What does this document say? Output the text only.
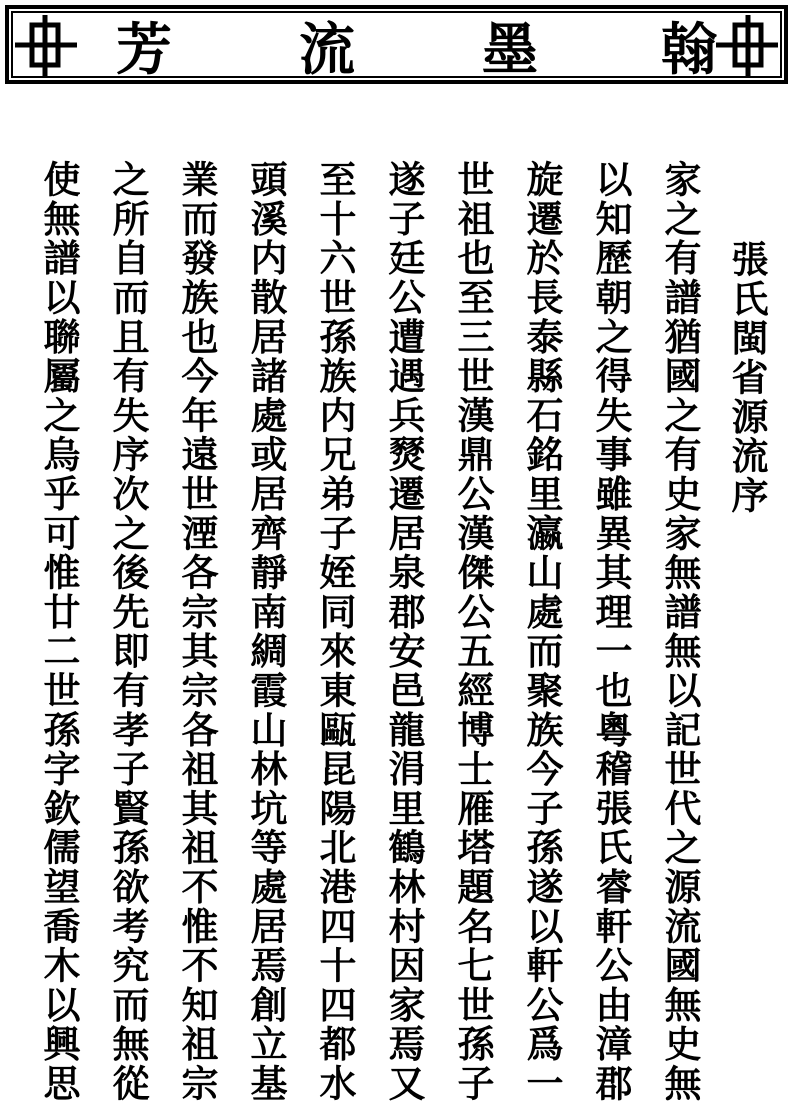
芳 流 墨 翰
張氏閩省源流序
家之有譜猶國之有史家無譜無以記世代之源流國無史無
以知歷朝之得失事雖異其理一也粵稽張氏睿軒公由漳郡
旋遷於長泰縣石銘里瀛山處而聚族今子孫遂以軒公爲一
世祖也至三世漢鼎公漢傑公五經博士雁塔題名七世孫子
遂子廷公遭遇兵燹遷居泉郡安邑龍涓里鶴林村因家焉又
至十六世孫族内兄弟子姪同來東甌昆陽北港四十四都水
頭溪内散居諸處或居齊靜南綢霞山林坑等處居焉創立基
業而發族也今年遠世湮各宗其宗各祖其祖不惟不知祖宗
之所自而且有失序次之後先即有孝子賢孫欲考究而無從
使無譜以聯屬之烏乎可惟廿二世孫字欽儒望喬木以興思
